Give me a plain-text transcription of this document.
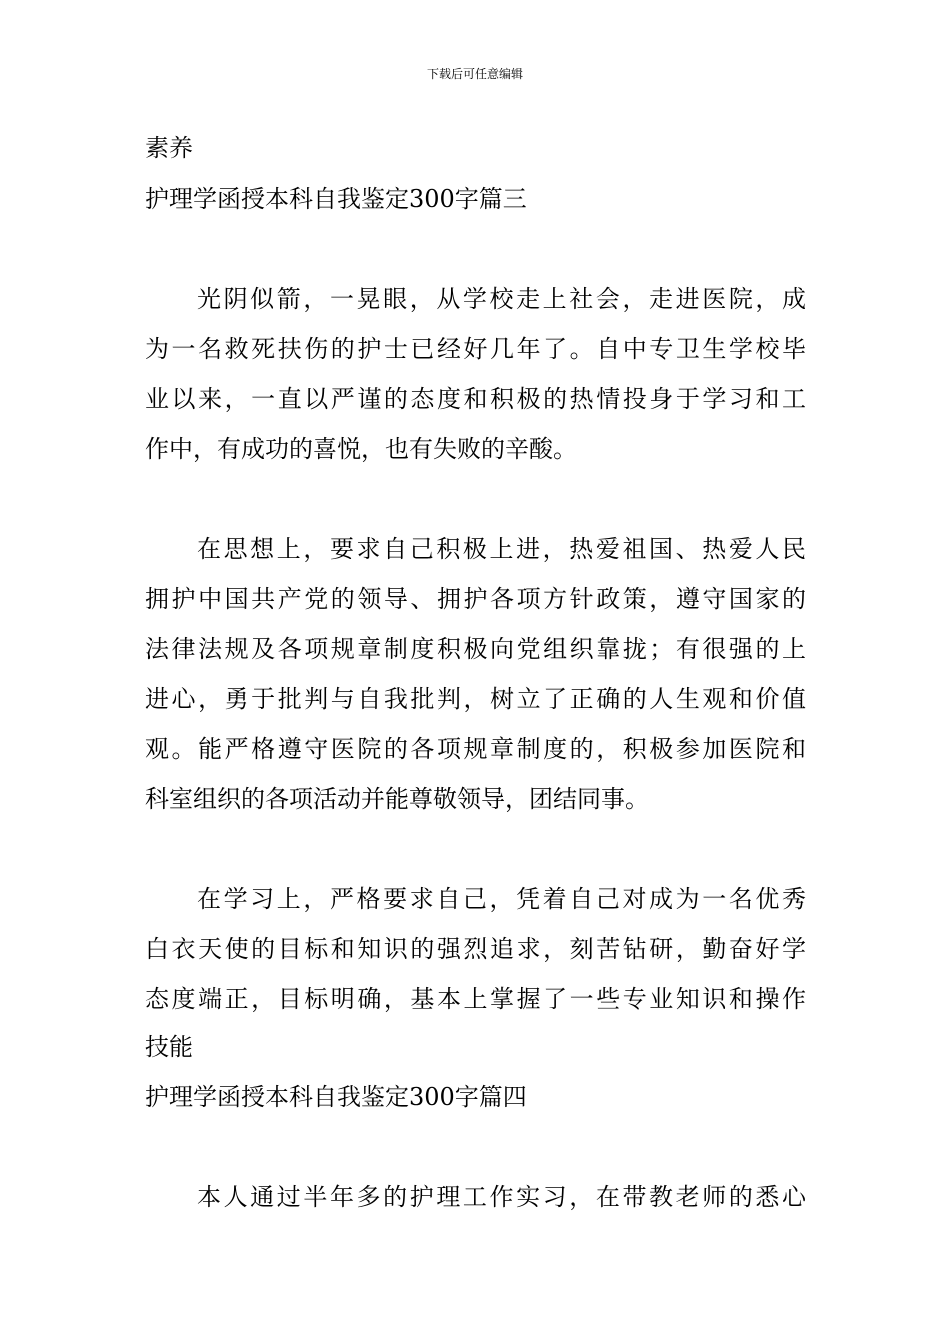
下载后可任意编辑
素养
护理学函授本科自我鉴定300字篇三
光阴似箭，一晃眼，从学校走上社会，走进医院，成
为一名救死扶伤的护士已经好几年了。自中专卫生学校毕
业以来，一直以严谨的态度和积极的热情投身于学习和工
作中，有成功的喜悦，也有失败的辛酸。
在思想上，要求自己积极上进，热爱祖国、热爱人民
拥护中国共产党的领导、拥护各项方针政策，遵守国家的
法律法规及各项规章制度积极向党组织靠拢；有很强的上
进心，勇于批判与自我批判，树立了正确的人生观和价值
观。能严格遵守医院的各项规章制度的，积极参加医院和
科室组织的各项活动并能尊敬领导，团结同事。
在学习上，严格要求自己，凭着自己对成为一名优秀
白衣天使的目标和知识的强烈追求，刻苦钻研，勤奋好学
态度端正，目标明确，基本上掌握了一些专业知识和操作
技能
护理学函授本科自我鉴定300字篇四
本人通过半年多的护理工作实习，在带教老师的悉心
